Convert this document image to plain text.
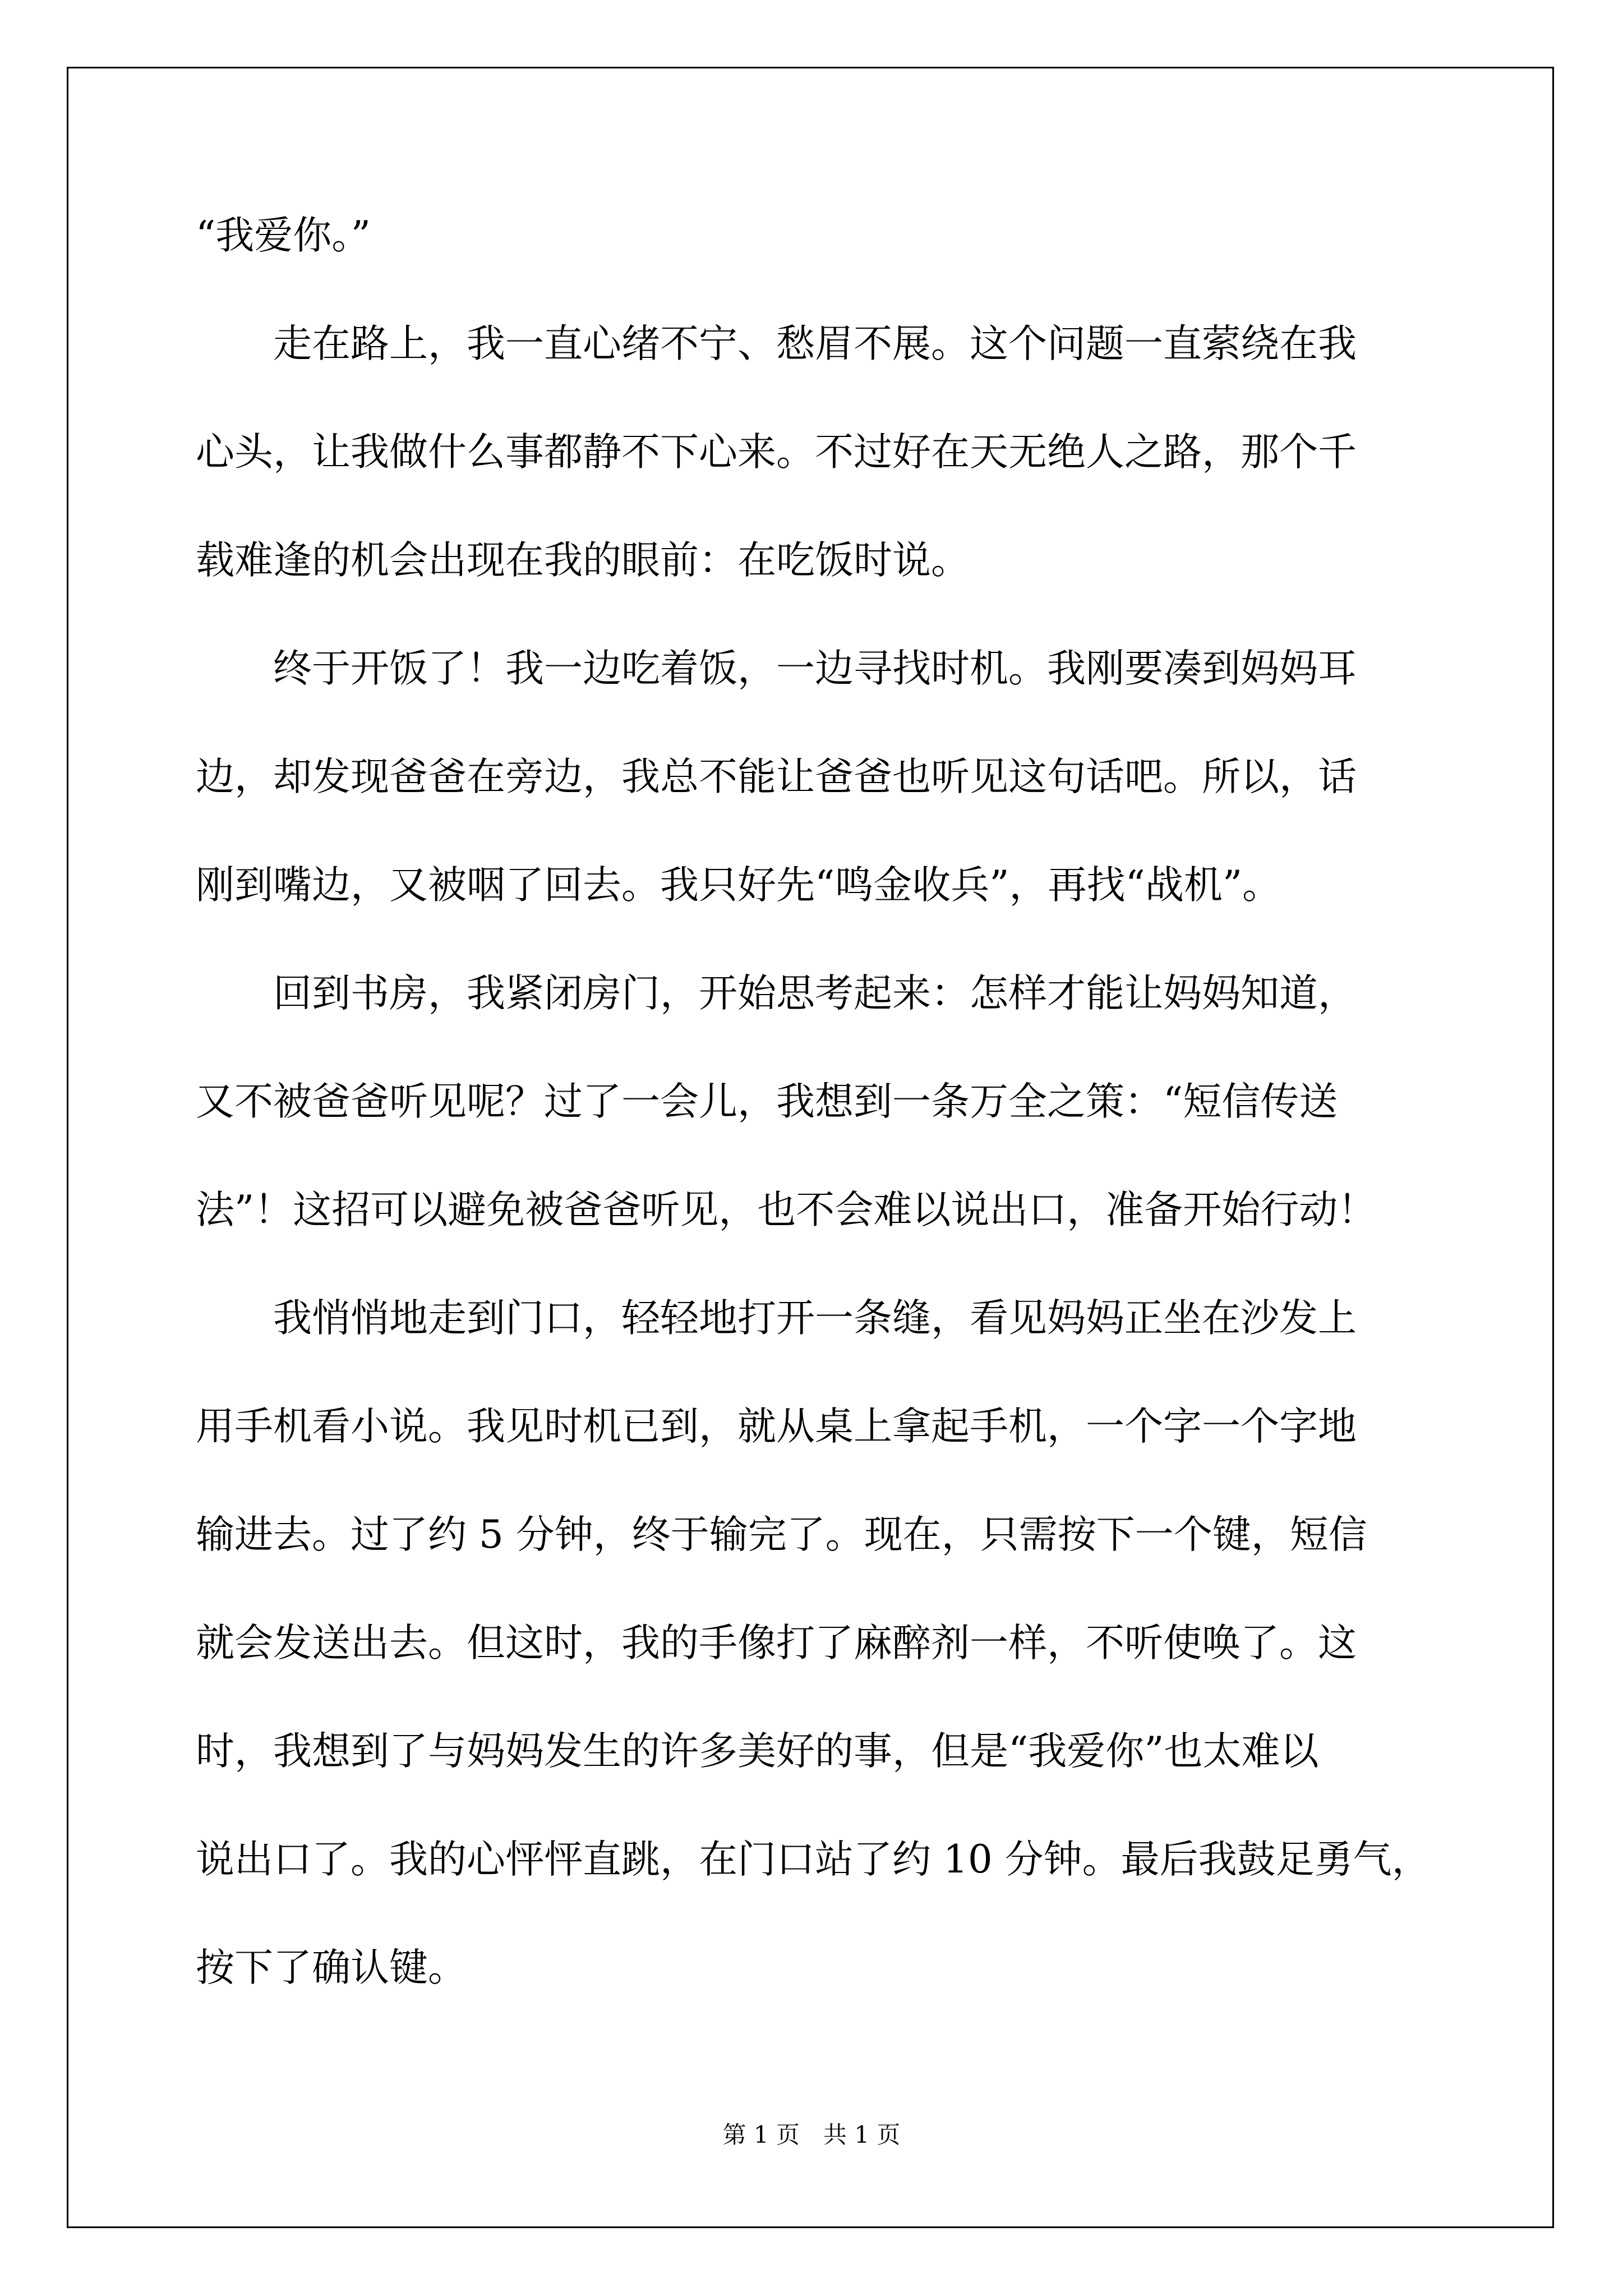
“我爱你。”
　　走在路上，我一直心绪不宁、愁眉不展。这个问题一直萦绕在我
心头，让我做什么事都静不下心来。不过好在天无绝人之路，那个千
载难逢的机会出现在我的眼前：在吃饭时说。
　　终于开饭了！我一边吃着饭，一边寻找时机。我刚要凑到妈妈耳
边，却发现爸爸在旁边，我总不能让爸爸也听见这句话吧。所以，话
刚到嘴边，又被咽了回去。我只好先“鸣金收兵”，再找“战机”。
　　回到书房，我紧闭房门，开始思考起来：怎样才能让妈妈知道，
又不被爸爸听见呢？过了一会儿，我想到一条万全之策：“短信传送
法”！这招可以避免被爸爸听见，也不会难以说出口，准备开始行动！
　　我悄悄地走到门口，轻轻地打开一条缝，看见妈妈正坐在沙发上
用手机看小说。我见时机已到，就从桌上拿起手机，一个字一个字地
输进去。过了约 5 分钟，终于输完了。现在，只需按下一个键，短信
就会发送出去。但这时，我的手像打了麻醉剂一样，不听使唤了。这
时，我想到了与妈妈发生的许多美好的事，但是“我爱你”也太难以
说出口了。我的心怦怦直跳，在门口站了约 10 分钟。最后我鼓足勇气，
按下了确认键。
第 1 页　共 1 页
